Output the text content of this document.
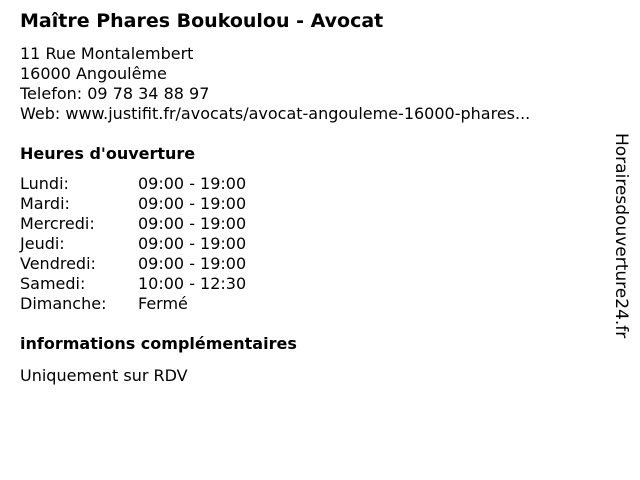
Maître Phares Boukoulou - Avocat
11 Rue Montalembert
16000 Angoulême
Telefon: 09 78 34 88 97
Web: www.justifit.fr/avocats/avocat-angouleme-16000-phares...
Heures d'ouverture
Lundi:	09:00 - 19:00
Mardi:	09:00 - 19:00
Mercredi:	09:00 - 19:00
Jeudi:	09:00 - 19:00
Vendredi:	09:00 - 19:00
Samedi:	10:00 - 12:30
Dimanche:	Fermé
informations complémentaires
Uniquement sur RDV
Horairesdouverture24.fr
